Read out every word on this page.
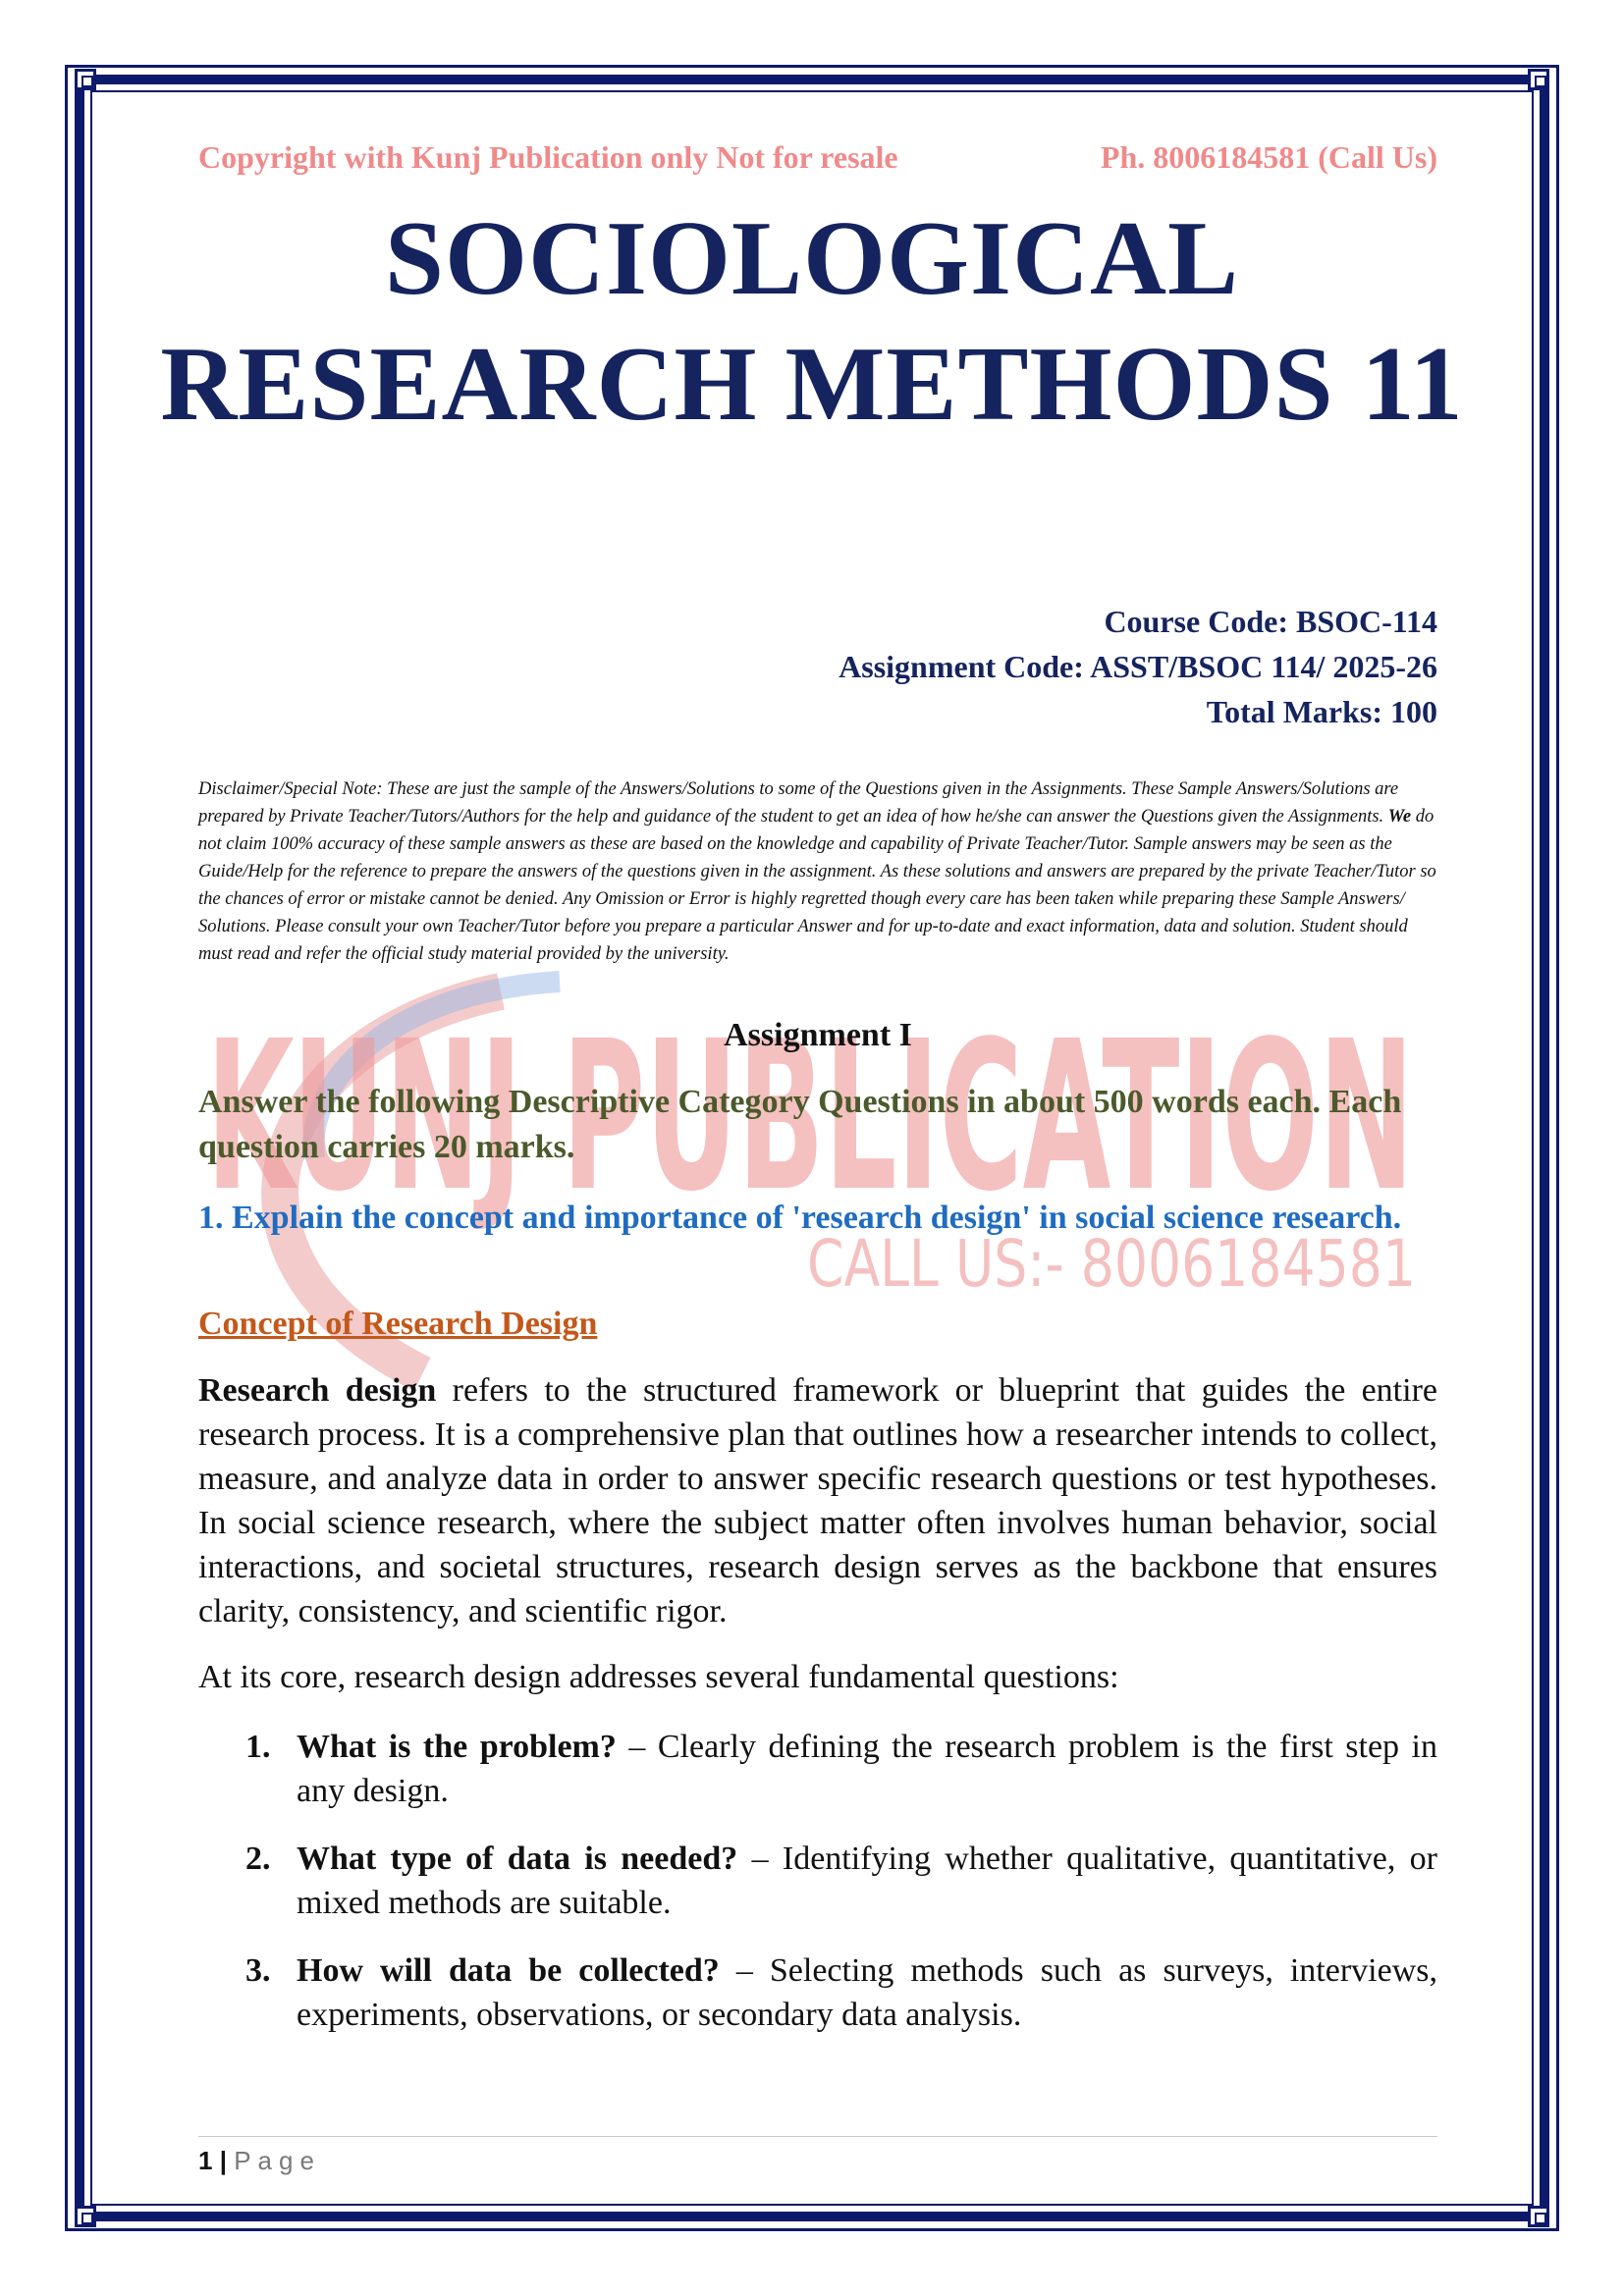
KUNJ PUBLICATION
CALL US:- 8006184581
Copyright with Kunj Publication only Not for resale	Ph. 8006184581 (Call Us)
SOCIOLOGICAL
RESEARCH METHODS 11
Course Code: BSOC-114
Assignment Code: ASST/BSOC 114/ 2025-26
Total Marks: 100
Disclaimer/Special Note: These are just the sample of the Answers/Solutions to some of the Questions given in the Assignments. These Sample Answers/Solutions are prepared by Private Teacher/Tutors/Authors for the help and guidance of the student to get an idea of how he/she can answer the Questions given the Assignments. We do not claim 100% accuracy of these sample answers as these are based on the knowledge and capability of Private Teacher/Tutor. Sample answers may be seen as the Guide/Help for the reference to prepare the answers of the questions given in the assignment. As these solutions and answers are prepared by the private Teacher/Tutor so the chances of error or mistake cannot be denied. Any Omission or Error is highly regretted though every care has been taken while preparing these Sample Answers/ Solutions. Please consult your own Teacher/Tutor before you prepare a particular Answer and for up-to-date and exact information, data and solution. Student should must read and refer the official study material provided by the university.
Assignment I
Answer the following Descriptive Category Questions in about 500 words each. Each question carries 20 marks.
1. Explain the concept and importance of 'research design' in social science research.
Concept of Research Design
Research design refers to the structured framework or blueprint that guides the entire research process. It is a comprehensive plan that outlines how a researcher intends to collect, measure, and analyze data in order to answer specific research questions or test hypotheses. In social science research, where the subject matter often involves human behavior, social interactions, and societal structures, research design serves as the backbone that ensures clarity, consistency, and scientific rigor.
At its core, research design addresses several fundamental questions:
1. What is the problem? – Clearly defining the research problem is the first step in any design.
2. What type of data is needed? – Identifying whether qualitative, quantitative, or mixed methods are suitable.
3. How will data be collected? – Selecting methods such as surveys, interviews, experiments, observations, or secondary data analysis.
1 | Page
